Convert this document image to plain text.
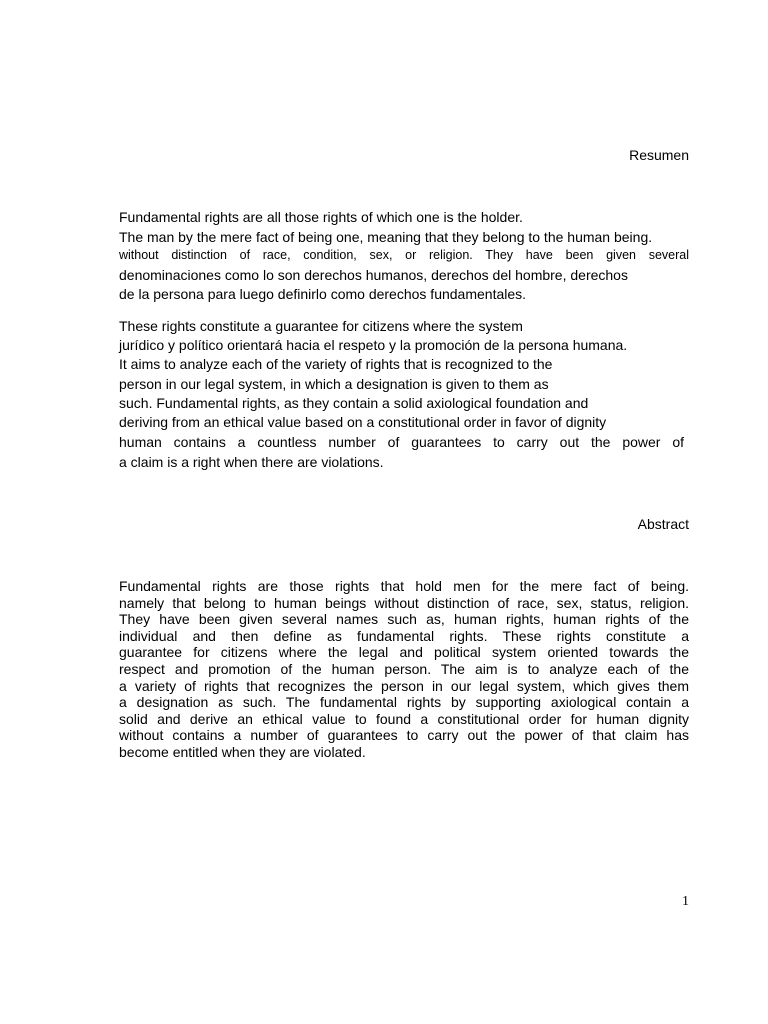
Resumen
Fundamental rights are all those rights of which one is the holder.
The man by the mere fact of being one, meaning that they belong to the human being.
without distinction of race, condition, sex, or religion. They have been given several
denominaciones como lo son derechos humanos, derechos del hombre, derechos
de la persona para luego definirlo como derechos fundamentales.
These rights constitute a guarantee for citizens where the system
jurídico y político orientará hacia el respeto y la promoción de la persona humana.
It aims to analyze each of the variety of rights that is recognized to the
person in our legal system, in which a designation is given to them as
such. Fundamental rights, as they contain a solid axiological foundation and
deriving from an ethical value based on a constitutional order in favor of dignity
human contains a countless number of guarantees to carry out the power of
a claim is a right when there are violations.
Abstract
Fundamental rights are those rights that hold men for the mere fact of being.
namely that belong to human beings without distinction of race, sex, status, religion.
They have been given several names such as, human rights, human rights of the
individual and then define as fundamental rights. These rights constitute a
guarantee for citizens where the legal and political system oriented towards the
respect and promotion of the human person. The aim is to analyze each of the
a variety of rights that recognizes the person in our legal system, which gives them
a designation as such. The fundamental rights by supporting axiological contain a
solid and derive an ethical value to found a constitutional order for human dignity
without contains a number of guarantees to carry out the power of that claim has
become entitled when they are violated.
1
